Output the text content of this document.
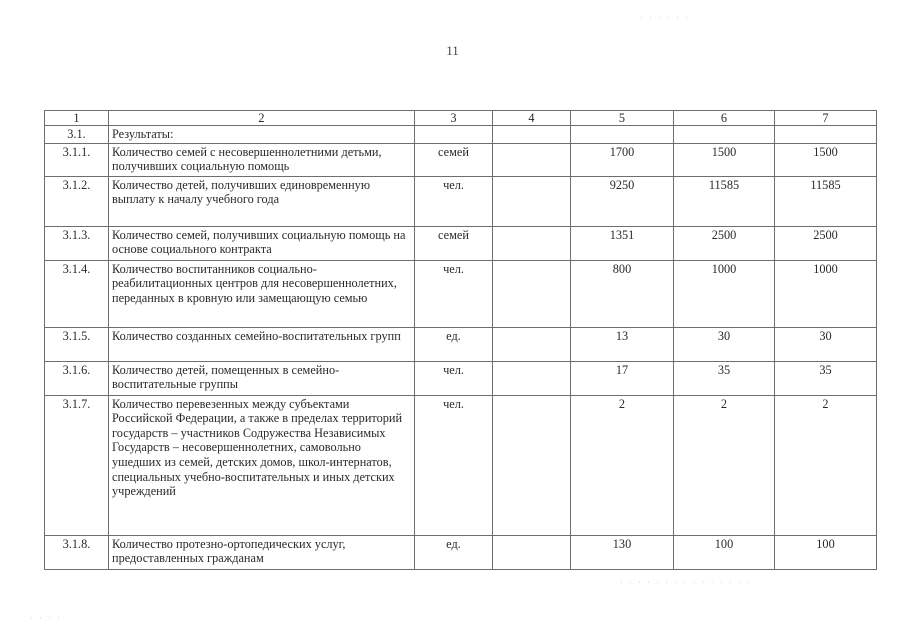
11
1	2	3	4	5	6	7
3.1.	Результаты:					
3.1.1.	Количество семей с несовершеннолетними детьми, получивших социальную помощь	семей		1700	1500	1500
3.1.2.	Количество детей, получивших единовременную выплату к началу учебного года	чел.		9250	11585	11585
3.1.3.	Количество семей, получивших социальную помощь на основе социального контракта	семей		1351	2500	2500
3.1.4.	Количество воспитанников социально-реабилитационных центров для несовершеннолетних, переданных в кровную или замещающую семью	чел.		800	1000	1000
3.1.5.	Количество созданных семейно-воспитательных групп	ед.		13	30	30
3.1.6.	Количество детей, помещенных в семейно-воспитательные группы	чел.		17	35	35
3.1.7.	Количество перевезенных между субъектами Российской Федерации, а также в пределах территорий государств – участников Содружества Независимых Государств – несовершеннолетних, самовольно ушедших из семей, детских домов, школ-интернатов, специальных учебно-воспитательных и иных детских учреждений	чел.		2	2	2
3.1.8.	Количество протезно-ортопедических услуг, предоставленных гражданам	ед.		130	100	100
· · · · · ·
· · · · · · · · · · · · · · ·
· · · ·
